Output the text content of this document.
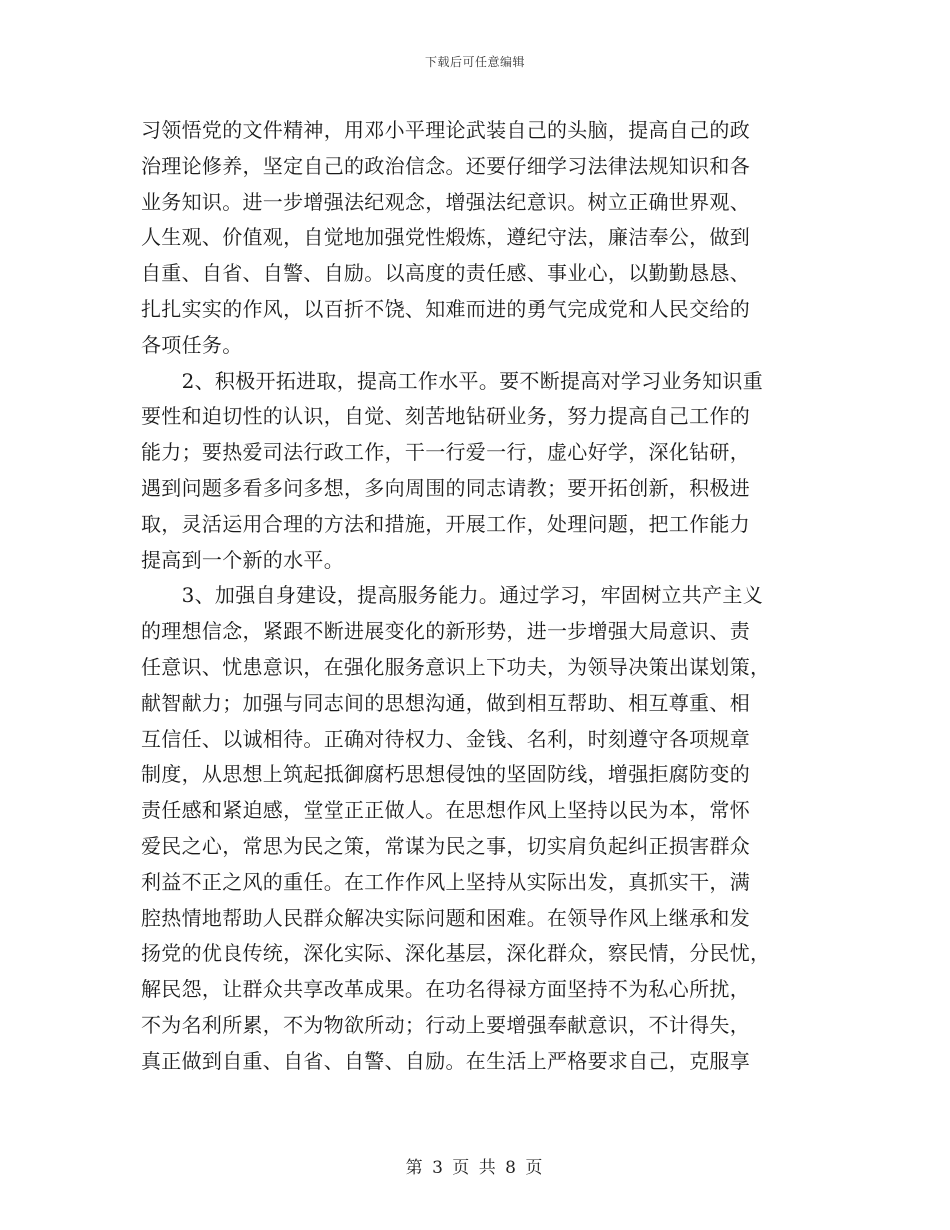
下载后可任意编辑
习领悟党的文件精神，用邓小平理论武装自己的头脑，提高自己的政
治理论修养，坚定自己的政治信念。还要仔细学习法律法规知识和各
业务知识。进一步增强法纪观念，增强法纪意识。树立正确世界观、
人生观、价值观，自觉地加强党性煅炼，遵纪守法，廉洁奉公，做到
自重、自省、自警、自励。以高度的责任感、事业心，以勤勤恳恳、
扎扎实实的作风，以百折不饶、知难而进的勇气完成党和人民交给的
各项任务。
　　2、积极开拓进取，提高工作水平。要不断提高对学习业务知识重
要性和迫切性的认识，自觉、刻苦地钻研业务，努力提高自己工作的
能力；要热爱司法行政工作，干一行爱一行，虚心好学，深化钻研，
遇到问题多看多问多想，多向周围的同志请教；要开拓创新，积极进
取，灵活运用合理的方法和措施，开展工作，处理问题，把工作能力
提高到一个新的水平。
　　3、加强自身建设，提高服务能力。通过学习，牢固树立共产主义
的理想信念，紧跟不断进展变化的新形势，进一步增强大局意识、责
任意识、忧患意识，在强化服务意识上下功夫，为领导决策出谋划策，
献智献力；加强与同志间的思想沟通，做到相互帮助、相互尊重、相
互信任、以诚相待。正确对待权力、金钱、名利，时刻遵守各项规章
制度，从思想上筑起抵御腐朽思想侵蚀的坚固防线，增强拒腐防变的
责任感和紧迫感，堂堂正正做人。在思想作风上坚持以民为本，常怀
爱民之心，常思为民之策，常谋为民之事，切实肩负起纠正损害群众
利益不正之风的重任。在工作作风上坚持从实际出发，真抓实干，满
腔热情地帮助人民群众解决实际问题和困难。在领导作风上继承和发
扬党的优良传统，深化实际、深化基层，深化群众，察民情，分民忧，
解民怨，让群众共享改革成果。在功名得禄方面坚持不为私心所扰，
不为名利所累，不为物欲所动；行动上要增强奉献意识，不计得失，
真正做到自重、自省、自警、自励。在生活上严格要求自己，克服享
第 3 页 共 8 页
